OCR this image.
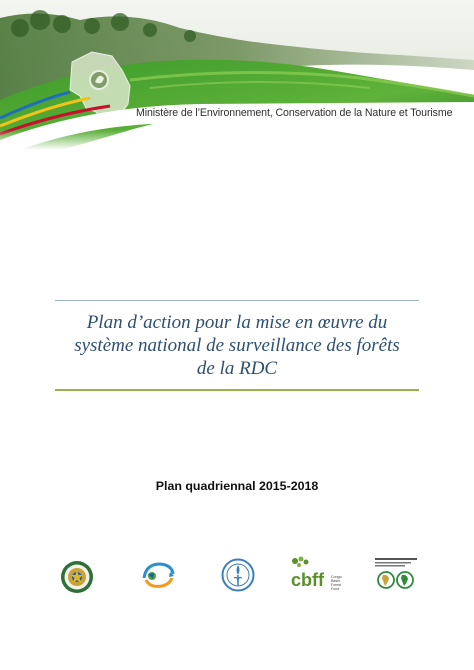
Ministère de l’Environnement, Conservation de la Nature et Tourisme
Plan d’action pour la mise en œuvre du
système national de surveillance des forêts
de la RDC
Plan quadriennal 2015-2018
cbff Congo
Basin
Forest
Fund
